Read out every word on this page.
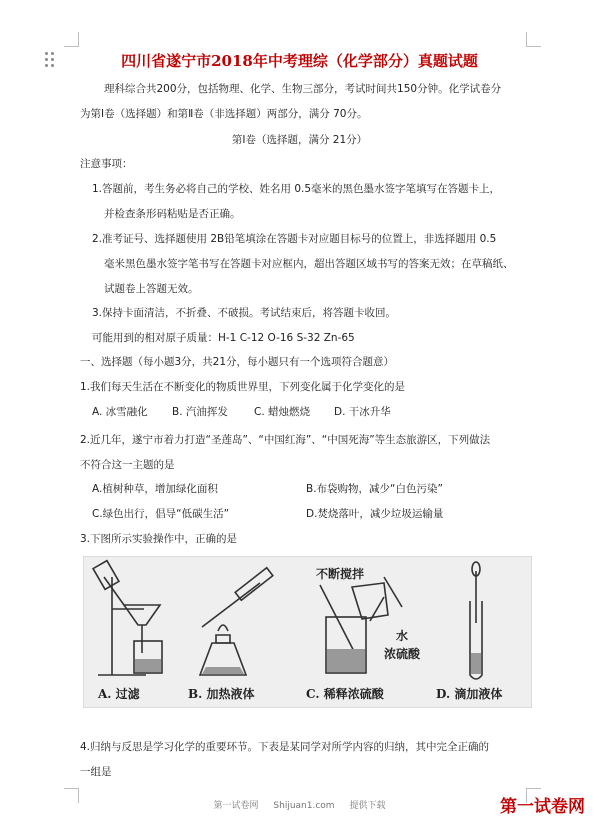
四川省遂宁市2018年中考理综（化学部分）真题试题
理科综合共200分，包括物理、化学、生物三部分，考试时间共150分钟。化学试卷分
为第Ⅰ卷（选择题）和第Ⅱ卷（非选择题）两部分，满分 70分。
第Ⅰ卷（选择题，满分 21分）
注意事项：
1.答题前，考生务必将自己的学校、姓名用 0.5毫米的黑色墨水签字笔填写在答题卡上，
并检查条形码粘贴是否正确。
2.准考证号、选择题使用 2B铅笔填涂在答题卡对应题目标号的位置上，非选择题用 0.5
毫米黑色墨水签字笔书写在答题卡对应框内，超出答题区域书写的答案无效；在草稿纸、
试题卷上答题无效。
3.保持卡面清洁，不折叠、不破损。考试结束后，将答题卡收回。
可能用到的相对原子质量：H-1 C-12 O-16 S-32 Zn-65
一、选择题（每小题3分，共21分，每小题只有一个选项符合题意）
1.我们每天生活在不断变化的物质世界里，下列变化属于化学变化的是
A. 冰雪融化 B. 汽油挥发 C. 蜡烛燃烧 D. 干冰升华
2.近几年，遂宁市着力打造“圣莲岛”、“中国红海”、“中国死海”等生态旅游区，下列做法
不符合这一主题的是
A.植树种草，增加绿化面积	B.布袋购物，减少“白色污染”
C.绿色出行，倡导“低碳生活”	D.焚烧落叶，减少垃圾运输量
3.下图所示实验操作中，正确的是
不断搅拌
水
浓硫酸
A. 过滤	B. 加热液体	C. 稀释浓硫酸	D. 滴加液体
4.归纳与反思是学习化学的重要环节。下表是某同学对所学内容的归纳，其中完全正确的
一组是
第一试卷网 Shijuan1.com 提供下载	第一试卷网
